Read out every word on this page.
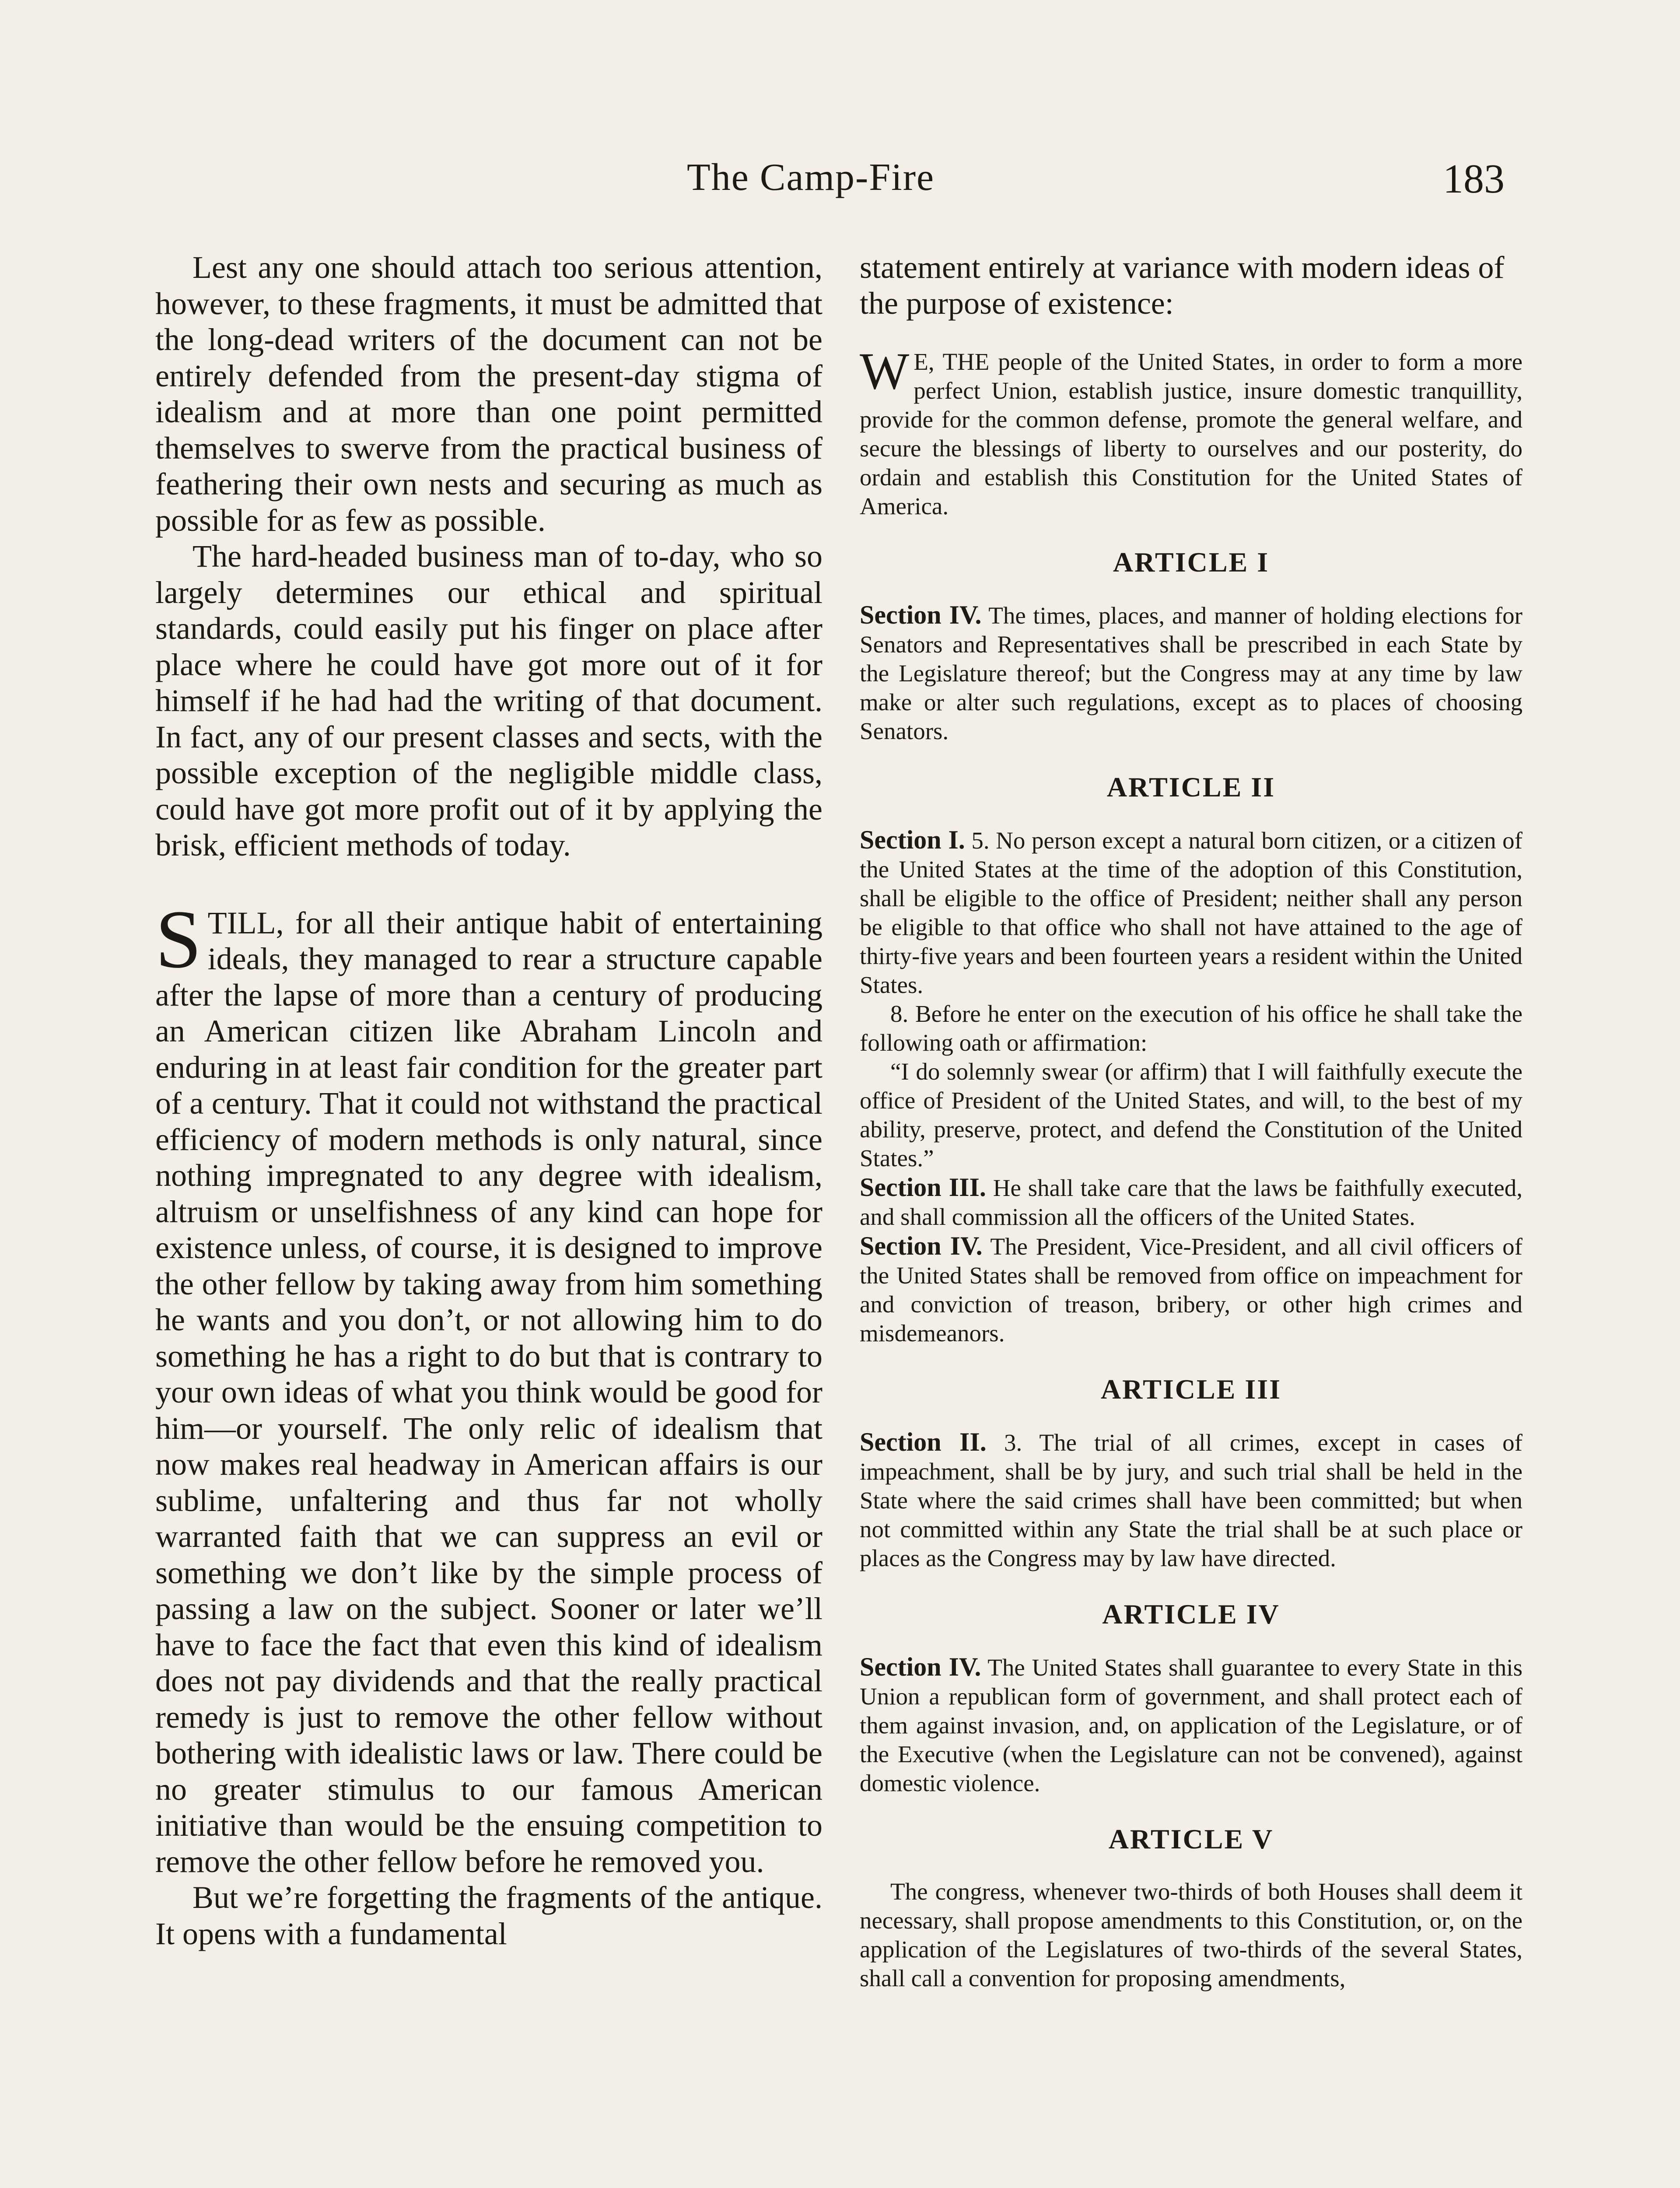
The Camp-Fire	183

Lest any one should attach too serious attention, however, to these fragments, it must be admitted that the long-dead writers of the document can not be entirely defended from the present-day stigma of idealism and at more than one point permitted themselves to swerve from the practical business of feathering their own nests and securing as much as possible for as few as possible.

The hard-headed business man of to-day, who so largely determines our ethical and spiritual standards, could easily put his finger on place after place where he could have got more out of it for himself if he had had the writing of that document. In fact, any of our present classes and sects, with the possible exception of the negligible middle class, could have got more profit out of it by applying the brisk, efficient methods of today.

STILL, for all their antique habit of entertaining ideals, they managed to rear a structure capable after the lapse of more than a century of producing an American citizen like Abraham Lincoln and enduring in at least fair condition for the greater part of a century. That it could not withstand the practical efficiency of modern methods is only natural, since nothing impregnated to any degree with idealism, altruism or unselfishness of any kind can hope for existence unless, of course, it is designed to improve the other fellow by taking away from him something he wants and you don’t, or not allowing him to do something he has a right to do but that is contrary to your own ideas of what you think would be good for him—or yourself. The only relic of idealism that now makes real headway in American affairs is our sublime, unfaltering and thus far not wholly warranted faith that we can suppress an evil or something we don’t like by the simple process of passing a law on the subject. Sooner or later we’ll have to face the fact that even this kind of idealism does not pay dividends and that the really practical remedy is just to remove the other fellow without bothering with idealistic laws or law. There could be no greater stimulus to our famous American initiative than would be the ensuing competition to remove the other fellow before he removed you.

But we’re forgetting the fragments of the antique. It opens with a fundamental

statement entirely at variance with modern ideas of the purpose of existence:

W E, THE people of the United States, in order to form a more perfect Union, establish justice, insure domestic tranquillity, provide for the common defense, promote the general welfare, and secure the blessings of liberty to ourselves and our posterity, do ordain and establish this Constitution for the United States of America.

ARTICLE I

Section IV. The times, places, and manner of holding elections for Senators and Representatives shall be prescribed in each State by the Legislature thereof; but the Congress may at any time by law make or alter such regulations, except as to places of choosing Senators.

ARTICLE II

Section I. 5. No person except a natural born citizen, or a citizen of the United States at the time of the adoption of this Constitution, shall be eligible to the office of President; neither shall any person be eligible to that office who shall not have attained to the age of thirty-five years and been fourteen years a resident within the United States.

8. Before he enter on the execution of his office he shall take the following oath or affirmation:

“I do solemnly swear (or affirm) that I will faithfully execute the office of President of the United States, and will, to the best of my ability, preserve, protect, and defend the Constitution of the United States.”

Section III. He shall take care that the laws be faithfully executed, and shall commission all the officers of the United States.

Section IV. The President, Vice-President, and all civil officers of the United States shall be removed from office on impeachment for and conviction of treason, bribery, or other high crimes and misdemeanors.

ARTICLE III

Section II. 3. The trial of all crimes, except in cases of impeachment, shall be by jury, and such trial shall be held in the State where the said crimes shall have been committed; but when not committed within any State the trial shall be at such place or places as the Congress may by law have directed.

ARTICLE IV

Section IV. The United States shall guarantee to every State in this Union a republican form of government, and shall protect each of them against invasion, and, on application of the Legislature, or of the Executive (when the Legislature can not be convened), against domestic violence.

ARTICLE V

The congress, whenever two-thirds of both Houses shall deem it necessary, shall propose amendments to this Constitution, or, on the application of the Legislatures of two-thirds of the several States, shall call a convention for proposing amendments,
